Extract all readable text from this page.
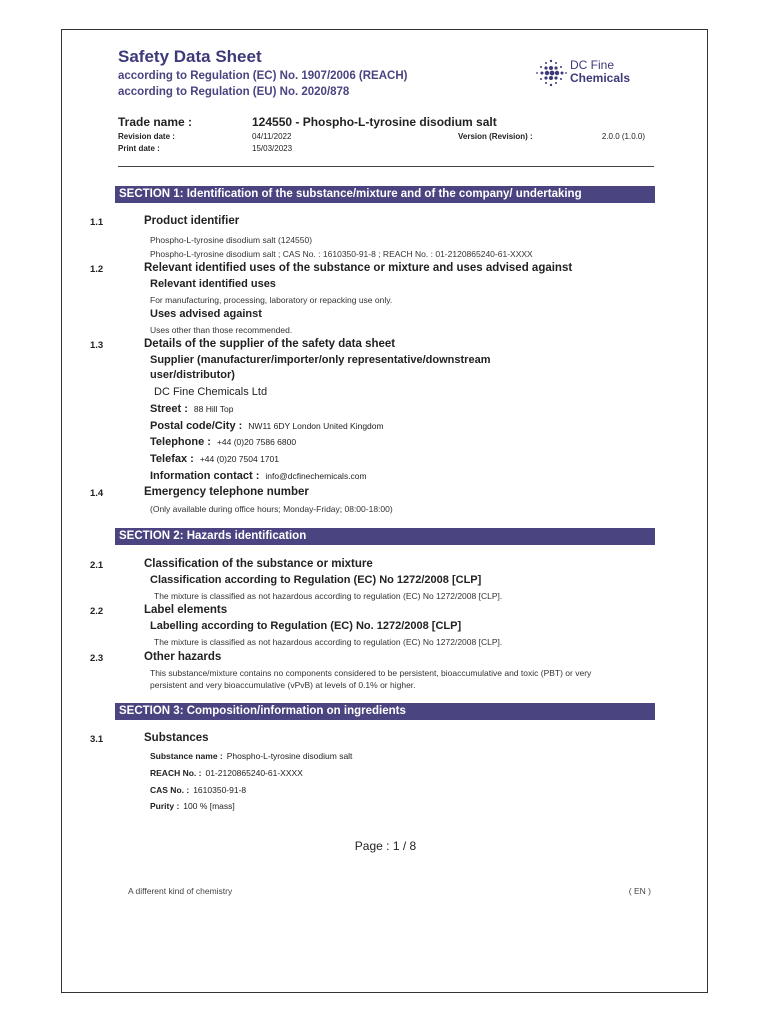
Safety Data Sheet
according to Regulation (EC) No. 1907/2006 (REACH)
according to Regulation (EU) No. 2020/878
DC Fine
Chemicals
Trade name :	124550 - Phospho-L-tyrosine disodium salt
Revision date :	04/11/2022
Print date :	15/03/2023
Version (Revision) :	2.0.0 (1.0.0)
SECTION 1: Identification of the substance/mixture and of the company/ undertaking
1.1	Product identifier
Phospho-L-tyrosine disodium salt (124550)
Phospho-L-tyrosine disodium salt ; CAS No. : 1610350-91-8 ; REACH No. : 01-2120865240-61-XXXX
1.2	Relevant identified uses of the substance or mixture and uses advised against
Relevant identified uses
For manufacturing, processing, laboratory or repacking use only.
Uses advised against
Uses other than those recommended.
1.3	Details of the supplier of the safety data sheet
Supplier (manufacturer/importer/only representative/downstream
user/distributor)
DC Fine Chemicals Ltd
Street : 88 Hill Top
Postal code/City : NW11 6DY London United Kingdom
Telephone : +44 (0)20 7586 6800
Telefax : +44 (0)20 7504 1701
Information contact : info@dcfinechemicals.com
1.4	Emergency telephone number
(Only available during office hours; Monday-Friday; 08:00-18:00)
SECTION 2: Hazards identification
2.1	Classification of the substance or mixture
Classification according to Regulation (EC) No 1272/2008 [CLP]
The mixture is classified as not hazardous according to regulation (EC) No 1272/2008 [CLP].
2.2	Label elements
Labelling according to Regulation (EC) No. 1272/2008 [CLP]
The mixture is classified as not hazardous according to regulation (EC) No 1272/2008 [CLP].
2.3	Other hazards
This substance/mixture contains no components considered to be persistent, bioaccumulative and toxic (PBT) or very
persistent and very bioaccumulative (vPvB) at levels of 0.1% or higher.
SECTION 3: Composition/information on ingredients
3.1	Substances
Substance name : Phospho-L-tyrosine disodium salt
REACH No. : 01-2120865240-61-XXXX
CAS No. : 1610350-91-8
Purity : 100 % [mass]
Page : 1 / 8
A different kind of chemistry	( EN )
